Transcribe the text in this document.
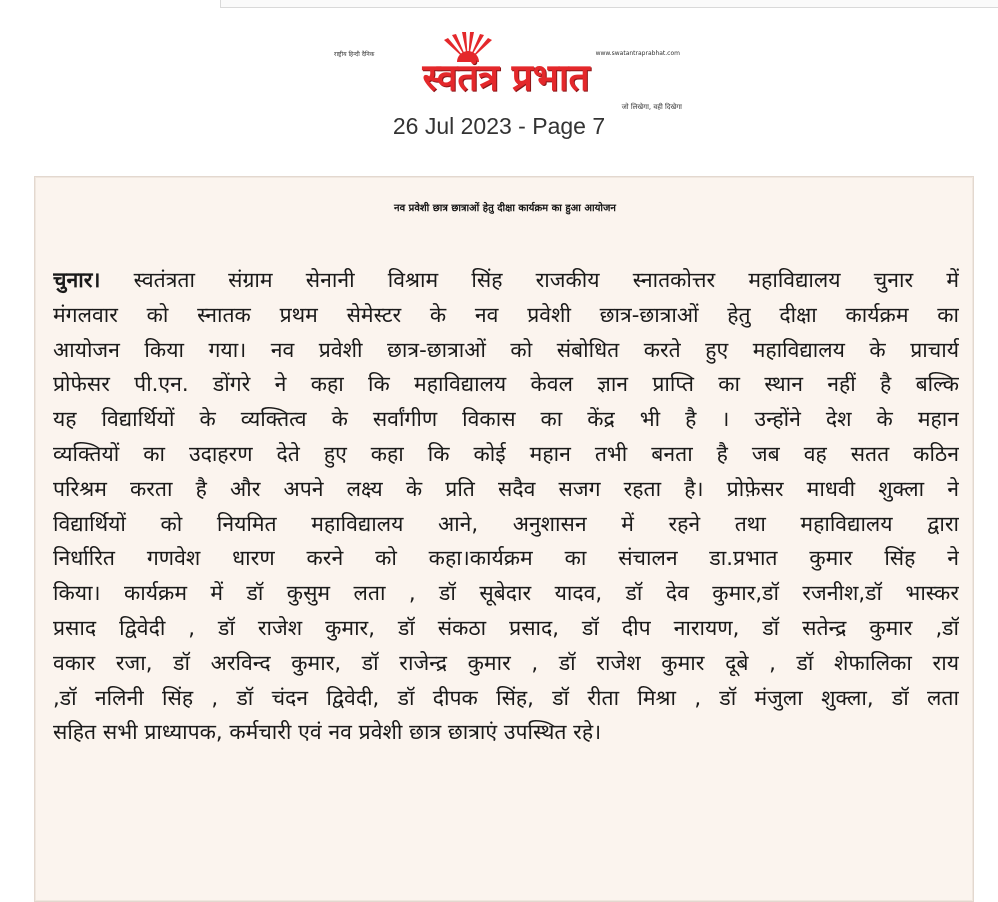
राष्ट्रीय हिन्दी दैनिक	www.swatantraprabhat.com
स्वतंत्र प्रभात
जो लिखेगा, वही दिखेगा
26 Jul 2023 - Page 7
नव प्रवेशी छात्र छात्राओं हेतु दीक्षा कार्यक्रम का हुआ आयोजन
चुनार। स्वतंत्रता संग्राम सेनानी विश्राम सिंह राजकीय स्नातकोत्तर महाविद्यालय चुनार में
मंगलवार को स्नातक प्रथम सेमेस्टर के नव प्रवेशी छात्र-छात्राओं हेतु दीक्षा कार्यक्रम का
आयोजन किया गया। नव प्रवेशी छात्र-छात्राओं को संबोधित करते हुए महाविद्यालय के प्राचार्य
प्रोफेसर पी.एन. डोंगरे ने कहा कि महाविद्यालय केवल ज्ञान प्राप्ति का स्थान नहीं है बल्कि
यह विद्यार्थियों के व्यक्तित्व के सर्वांगीण विकास का केंद्र भी है । उन्होंने देश के महान
व्यक्तियों का उदाहरण देते हुए कहा कि कोई महान तभी बनता है जब वह सतत कठिन
परिश्रम करता है और अपने लक्ष्य के प्रति सदैव सजग रहता है। प्रोफ़ेसर माधवी शुक्ला ने
विद्यार्थियों को नियमित महाविद्यालय आने, अनुशासन में रहने तथा महाविद्यालय द्वारा
निर्धारित गणवेश धारण करने को कहा।कार्यक्रम का संचालन डा.प्रभात कुमार सिंह ने
किया। कार्यक्रम में डॉ कुसुम लता , डॉ सूबेदार यादव, डॉ देव कुमार,डॉ रजनीश,डॉ भास्कर
प्रसाद द्विवेदी , डॉ राजेश कुमार, डॉ संकठा प्रसाद, डॉ दीप नारायण, डॉ सतेन्द्र कुमार ,डॉ
वकार रजा, डॉ अरविन्द कुमार, डॉ राजेन्द्र कुमार , डॉ राजेश कुमार दूबे , डॉ शेफालिका राय
,डॉ नलिनी सिंह , डॉ चंदन द्विवेदी, डॉ दीपक सिंह, डॉ रीता मिश्रा , डॉ मंजुला शुक्ला, डॉ लता
सहित सभी प्राध्यापक, कर्मचारी एवं नव प्रवेशी छात्र छात्राएं उपस्थित रहे।
